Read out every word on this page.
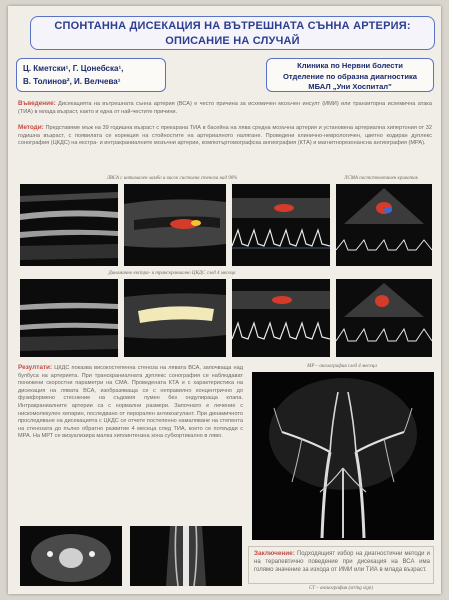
СПОНТАННА ДИСЕКАЦИЯ НА ВЪТРЕШНАТА СЪННА АРТЕРИЯ:
ОПИСАНИЕ НА СЛУЧАЙ
Ц. Кметски¹, Г. Цонебска¹,
В. Толинов², И. Велчева¹
Клиника по Нервни болести
Отделение по образна диагностика
МБАЛ „Уни Хоспитал"
Въведение: Дисекацията на вътрешната сънна артерия (ВСА) е често причина за исхемичен мозъчен инсулт (ИМИ) или транзиторна исхемична атака (ТИА) в млада възраст, както и една от най-честите причини.
Методи: Представяме мъж на 39 годишна възраст с прекарана ТИА в басейна на лява средна мозъчна артерия и установена артериална хипертония от 32 годишна възраст, с появилата се корекция на стойностите на артериалното налягане. Проведени клинично-неврологичен, цветно кодиран дуплекс сонография (ЦКДС) на екстра- и интракраниалните мозъчни артерии, компютъртомографска ангиография (КТА) и магнитнорезонансна ангиография (МРА).
ЛВСА с интимален ламбо и висок систолна стеноза над 90%	ЛСМА постстенотичен кривоток
Динамично екстра- и транскраниално ЦКДС след 4 месеца
Резултати: ЦКДС показва високостепенна стеноза на лявата ВСА, започваща над булбуса на артерията. При транскраниалната дуплекс сонография се наблюдават понижени скоростни параметри на СМА. Проведената КТА е с характеристика на дисекация на лявата ВСА, изобразяваща се с неправилно концентрично до фузиформено стеснение на съдовия лумен без ондулираща клапа. Интракраниалните артерии са с нормални размери. Започнато е лечение с нискомолекулен хепарин, последвано от перорален антикоагулант. При динамичното проследяване на дисекацията с ЦКДС се отчете постепенно намаляване на степента на стенозата до пълно обратно развитие 4 месеца след ТИА, което се потвърди с МРА. На МРТ се визуализира малка хипоинтензна зона субкортикално в ляво.
МР – ангиография след 4 месеца
Заключение: Подходящият избор на диагностични методи и на терапевтично поведение при дисекация на ВСА има голямо значение за изхода от ИМИ или ТИА в млада възраст.
CT – ангиография (string sign)
